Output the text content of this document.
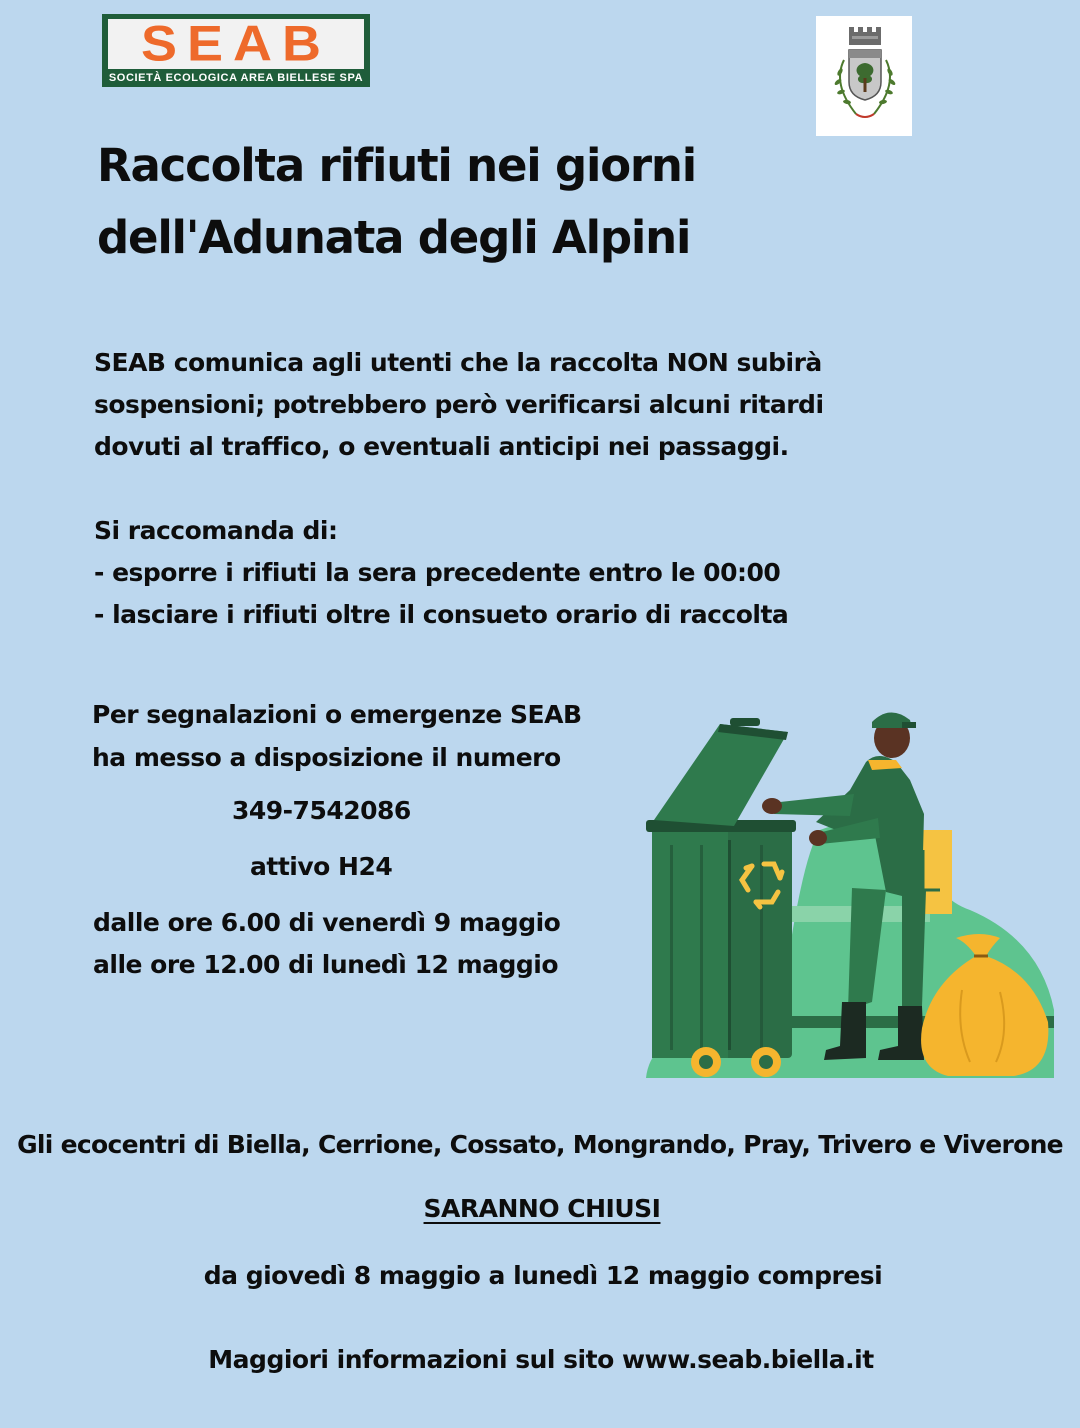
SEAB
SOCIETÀ ECOLOGICA AREA BIELLESE SPA
Raccolta rifiuti nei giorni
dell'Adunata degli Alpini
SEAB comunica agli utenti che la raccolta NON subirà
sospensioni; potrebbero però verificarsi alcuni ritardi
dovuti al traffico, o eventuali anticipi nei passaggi.
Si raccomanda di:
- esporre i rifiuti la sera precedente entro le 00:00
- lasciare i rifiuti oltre il consueto orario di raccolta
Per segnalazioni o emergenze SEAB
ha messo a disposizione il numero
349-7542086
attivo H24
dalle ore 6.00 di venerdì 9 maggio
alle ore 12.00 di lunedì 12 maggio
Gli ecocentri di Biella, Cerrione, Cossato, Mongrando, Pray, Trivero e Viverone
SARANNO CHIUSI
da giovedì 8 maggio a lunedì 12 maggio compresi
Maggiori informazioni sul sito www.seab.biella.it
